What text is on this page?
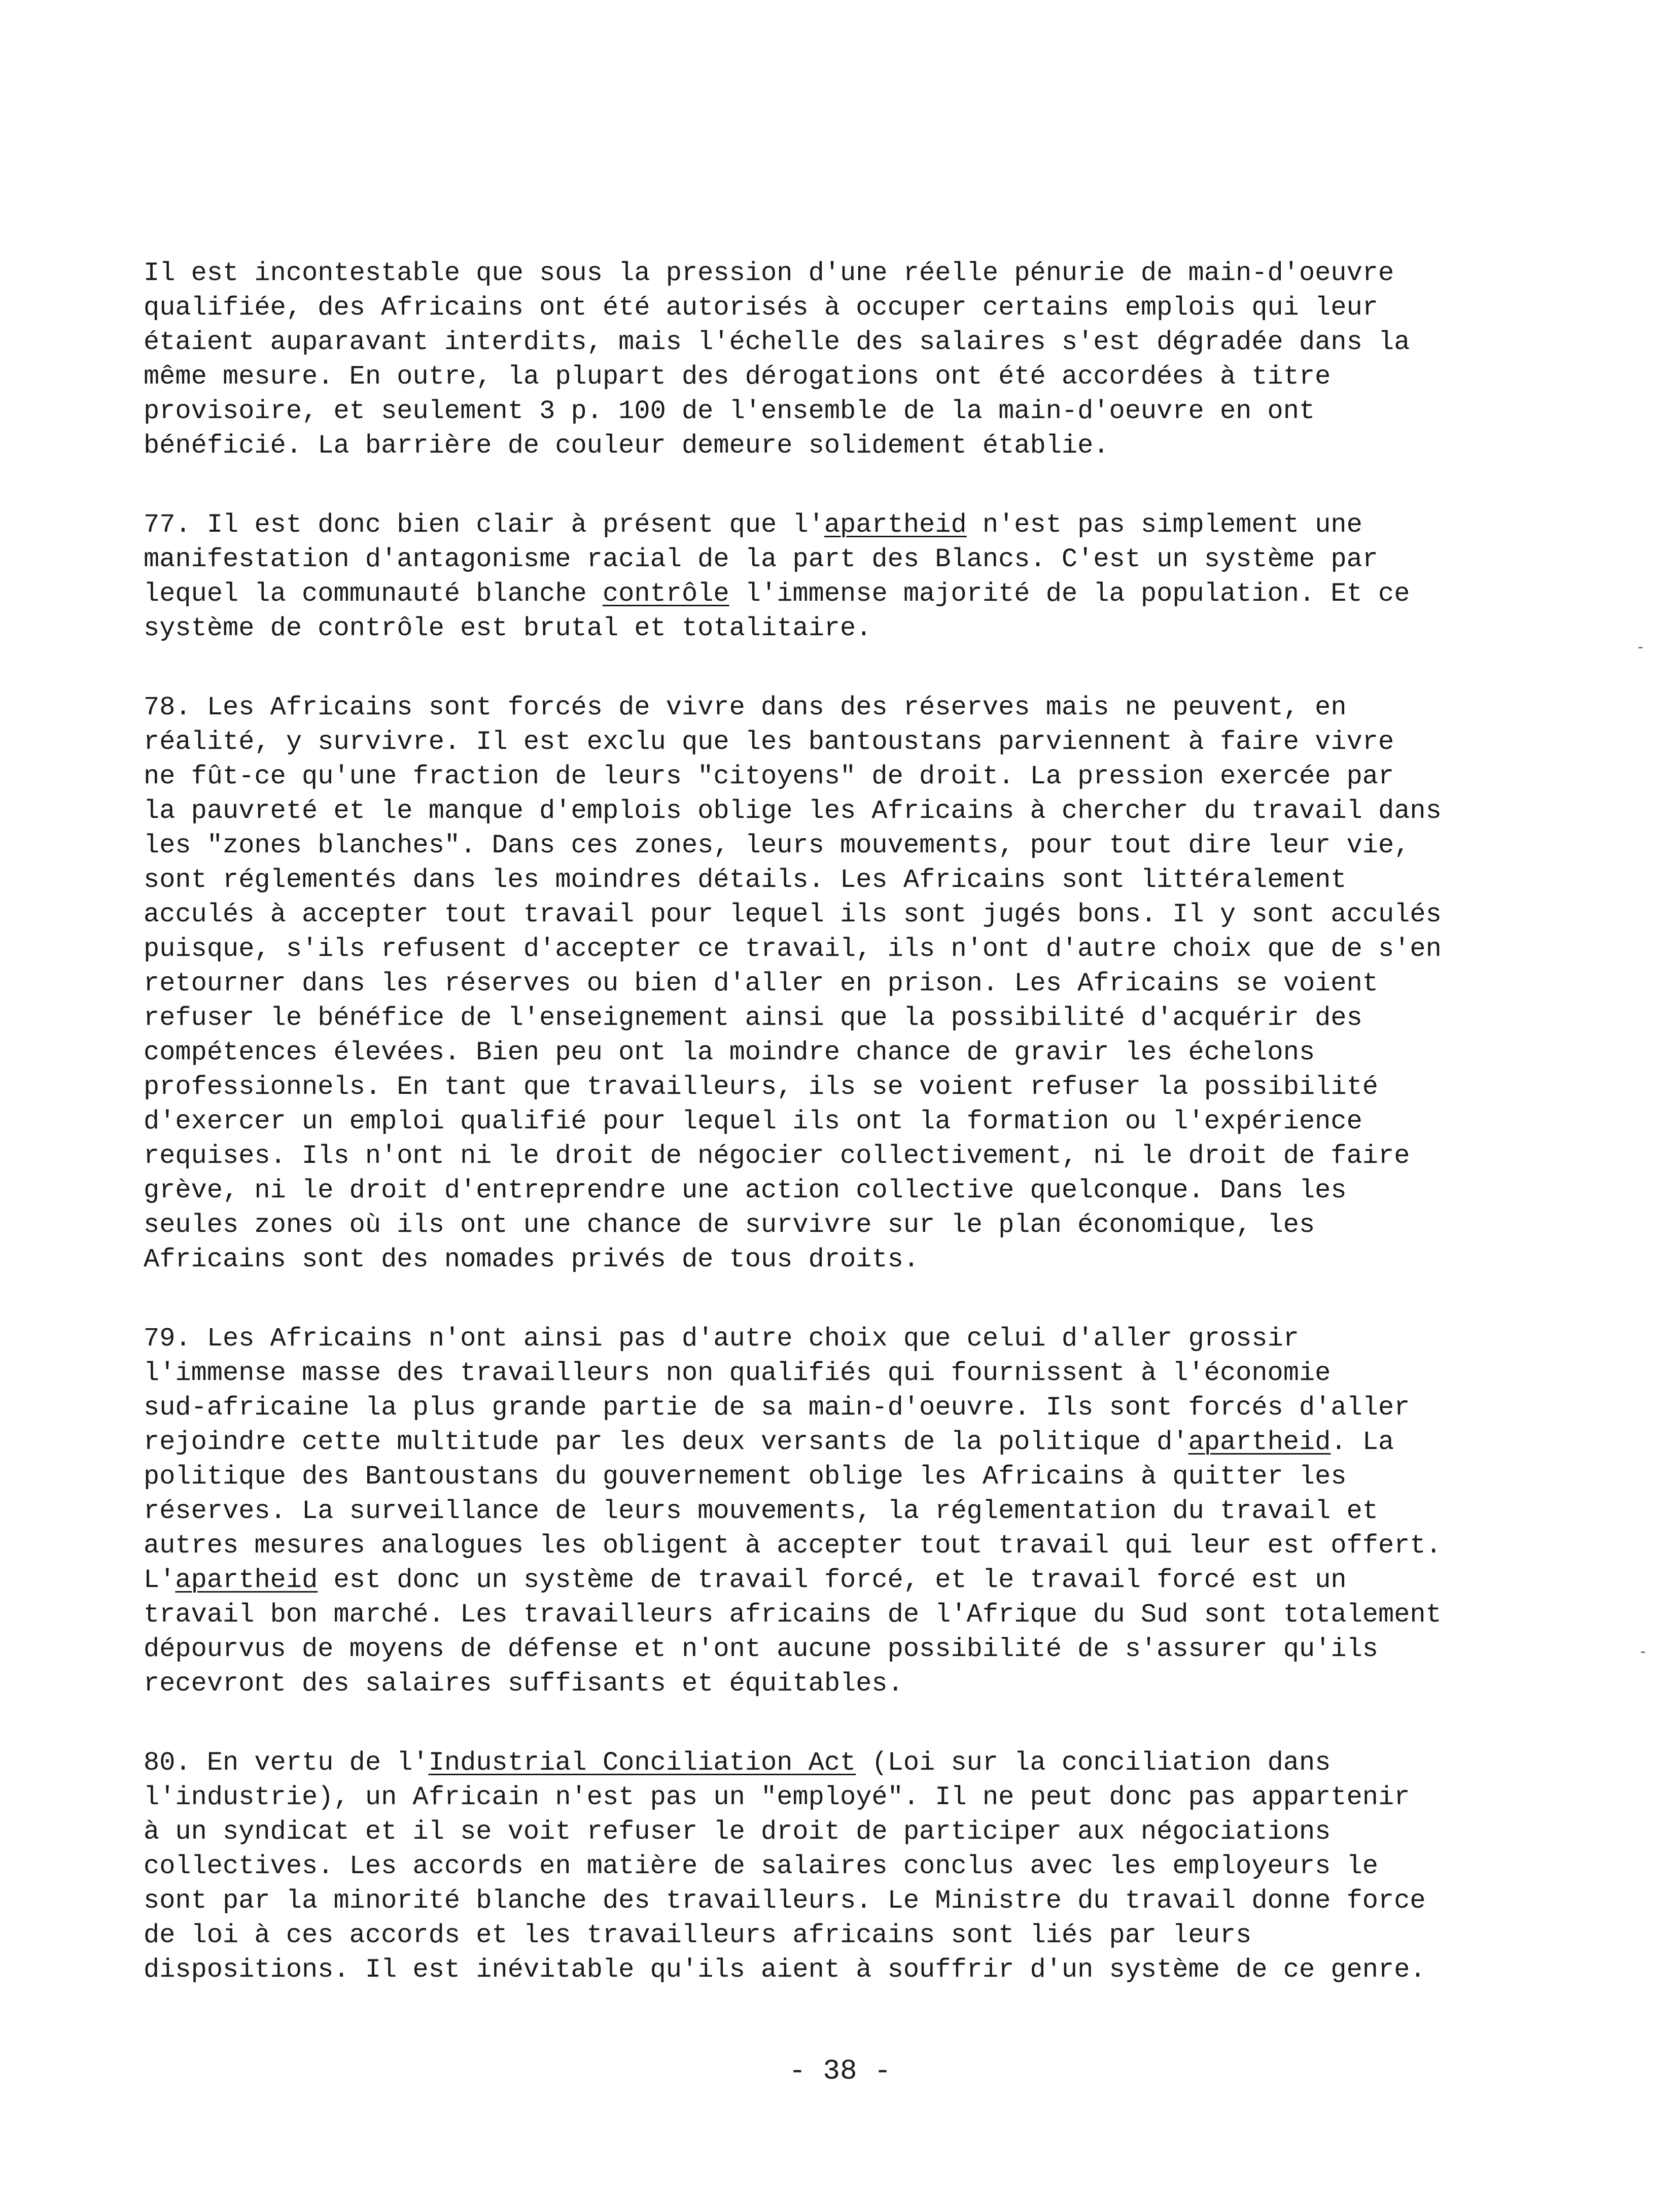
Il est incontestable que sous la pression d'une réelle pénurie de main-d'oeuvre
qualifiée, des Africains ont été autorisés à occuper certains emplois qui leur
étaient auparavant interdits, mais l'échelle des salaires s'est dégradée dans la
même mesure. En outre, la plupart des dérogations ont été accordées à titre
provisoire, et seulement 3 p. 100 de l'ensemble de la main-d'oeuvre en ont
bénéficié. La barrière de couleur demeure solidement établie.

77. Il est donc bien clair à présent que l'apartheid n'est pas simplement une
manifestation d'antagonisme racial de la part des Blancs. C'est un système par
lequel la communauté blanche contrôle l'immense majorité de la population. Et ce
système de contrôle est brutal et totalitaire.

78. Les Africains sont forcés de vivre dans des réserves mais ne peuvent, en
réalité, y survivre. Il est exclu que les bantoustans parviennent à faire vivre
ne fût-ce qu'une fraction de leurs "citoyens" de droit. La pression exercée par
la pauvreté et le manque d'emplois oblige les Africains à chercher du travail dans
les "zones blanches". Dans ces zones, leurs mouvements, pour tout dire leur vie,
sont réglementés dans les moindres détails. Les Africains sont littéralement
acculés à accepter tout travail pour lequel ils sont jugés bons. Il y sont acculés
puisque, s'ils refusent d'accepter ce travail, ils n'ont d'autre choix que de s'en
retourner dans les réserves ou bien d'aller en prison. Les Africains se voient
refuser le bénéfice de l'enseignement ainsi que la possibilité d'acquérir des
compétences élevées. Bien peu ont la moindre chance de gravir les échelons
professionnels. En tant que travailleurs, ils se voient refuser la possibilité
d'exercer un emploi qualifié pour lequel ils ont la formation ou l'expérience
requises. Ils n'ont ni le droit de négocier collectivement, ni le droit de faire
grève, ni le droit d'entreprendre une action collective quelconque. Dans les
seules zones où ils ont une chance de survivre sur le plan économique, les
Africains sont des nomades privés de tous droits.

79. Les Africains n'ont ainsi pas d'autre choix que celui d'aller grossir
l'immense masse des travailleurs non qualifiés qui fournissent à l'économie
sud-africaine la plus grande partie de sa main-d'oeuvre. Ils sont forcés d'aller
rejoindre cette multitude par les deux versants de la politique d'apartheid. La
politique des Bantoustans du gouvernement oblige les Africains à quitter les
réserves. La surveillance de leurs mouvements, la réglementation du travail et
autres mesures analogues les obligent à accepter tout travail qui leur est offert.
L'apartheid est donc un système de travail forcé, et le travail forcé est un
travail bon marché. Les travailleurs africains de l'Afrique du Sud sont totalement
dépourvus de moyens de défense et n'ont aucune possibilité de s'assurer qu'ils
recevront des salaires suffisants et équitables.

80. En vertu de l'Industrial Conciliation Act (Loi sur la conciliation dans
l'industrie), un Africain n'est pas un "employé". Il ne peut donc pas appartenir
à un syndicat et il se voit refuser le droit de participer aux négociations
collectives. Les accords en matière de salaires conclus avec les employeurs le
sont par la minorité blanche des travailleurs. Le Ministre du travail donne force
de loi à ces accords et les travailleurs africains sont liés par leurs
dispositions. Il est inévitable qu'ils aient à souffrir d'un système de ce genre.

- 38 -
